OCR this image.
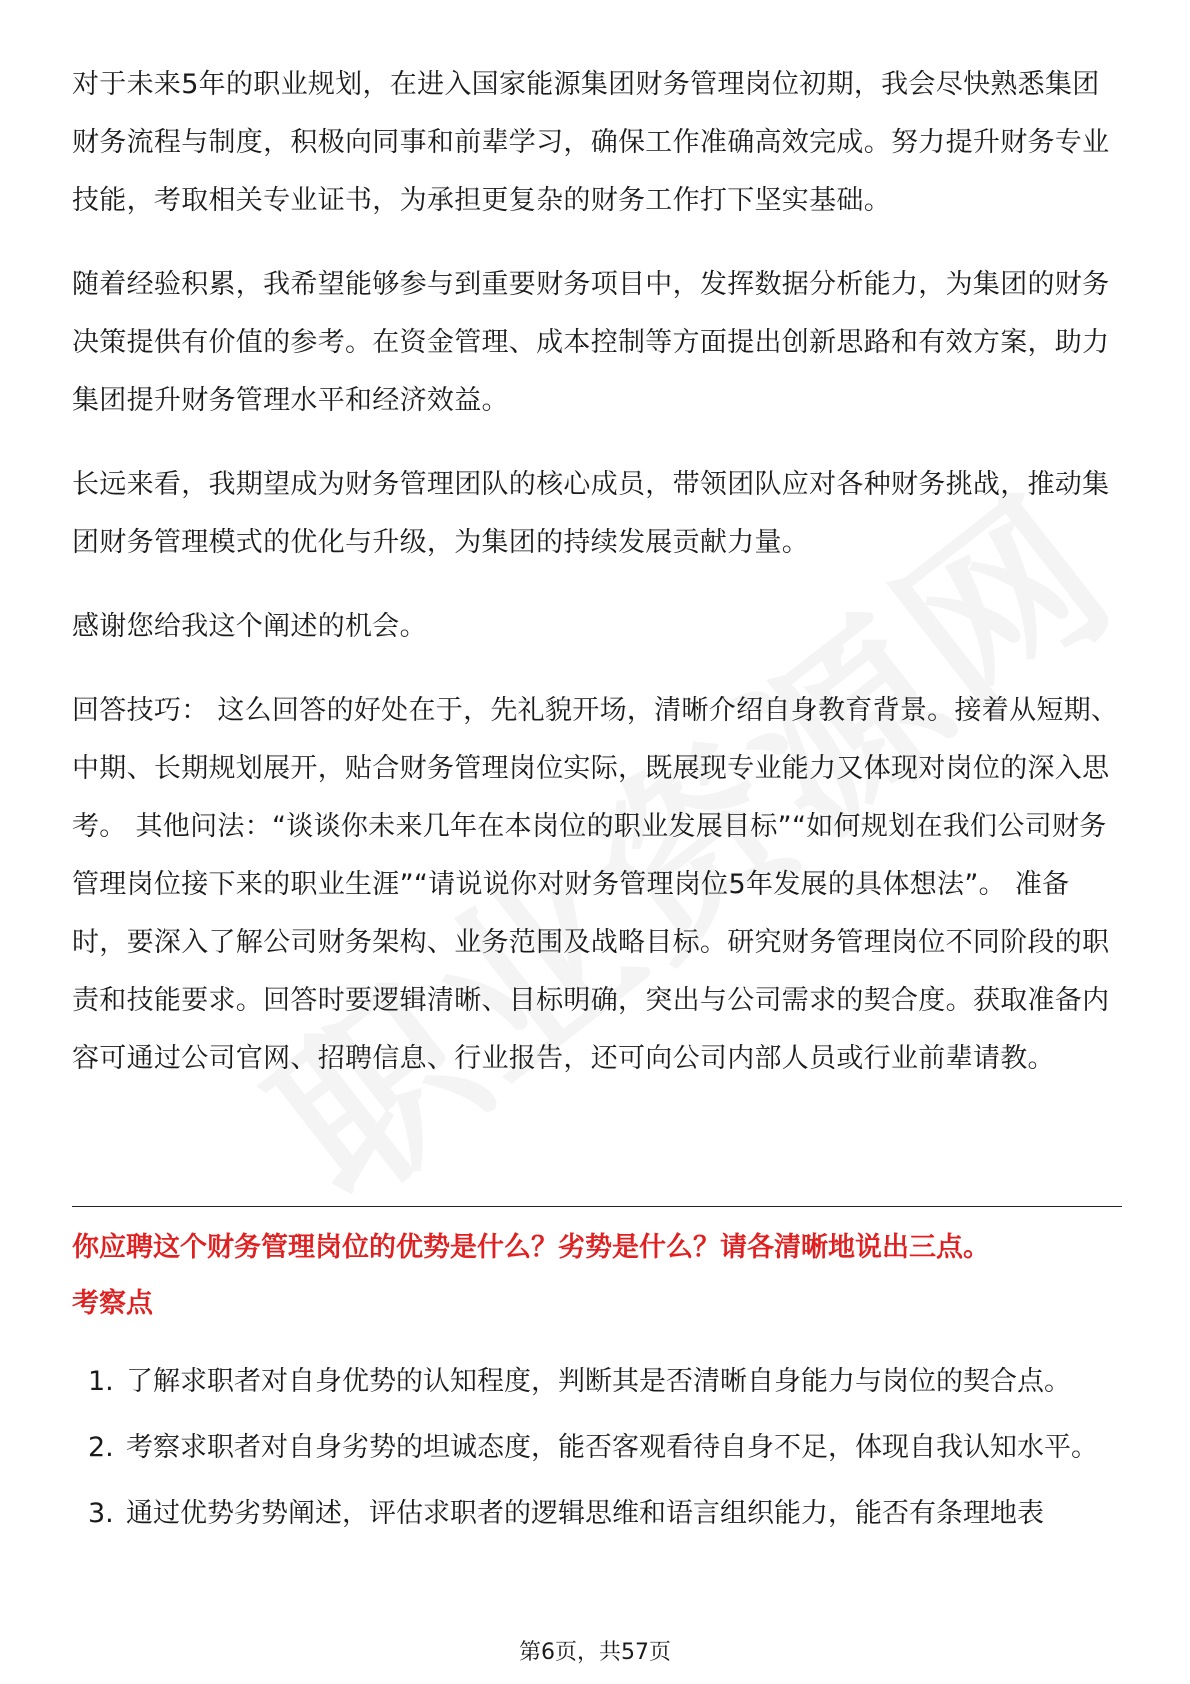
对于未来5年的职业规划，在进入国家能源集团财务管理岗位初期，我会尽快熟悉集团财务流程与制度，积极向同事和前辈学习，确保工作准确高效完成。努力提升财务专业技能，考取相关专业证书，为承担更复杂的财务工作打下坚实基础。

随着经验积累，我希望能够参与到重要财务项目中，发挥数据分析能力，为集团的财务决策提供有价值的参考。在资金管理、成本控制等方面提出创新思路和有效方案，助力集团提升财务管理水平和经济效益。

长远来看，我期望成为财务管理团队的核心成员，带领团队应对各种财务挑战，推动集团财务管理模式的优化与升级，为集团的持续发展贡献力量。

感谢您给我这个阐述的机会。

回答技巧： 这么回答的好处在于，先礼貌开场，清晰介绍自身教育背景。接着从短期、中期、长期规划展开，贴合财务管理岗位实际，既展现专业能力又体现对岗位的深入思考。 其他问法：“谈谈你未来几年在本岗位的职业发展目标”“如何规划在我们公司财务管理岗位接下来的职业生涯”“请说说你对财务管理岗位5年发展的具体想法”。 准备时，要深入了解公司财务架构、业务范围及战略目标。研究财务管理岗位不同阶段的职责和技能要求。回答时要逻辑清晰、目标明确，突出与公司需求的契合度。获取准备内容可通过公司官网、招聘信息、行业报告，还可向公司内部人员或行业前辈请教。

你应聘这个财务管理岗位的优势是什么？劣势是什么？请各清晰地说出三点。
考察点
1. 了解求职者对自身优势的认知程度，判断其是否清晰自身能力与岗位的契合点。
2. 考察求职者对自身劣势的坦诚态度，能否客观看待自身不足，体现自我认知水平。
3. 通过优势劣势阐述，评估求职者的逻辑思维和语言组织能力，能否有条理地表
第6页，共57页
